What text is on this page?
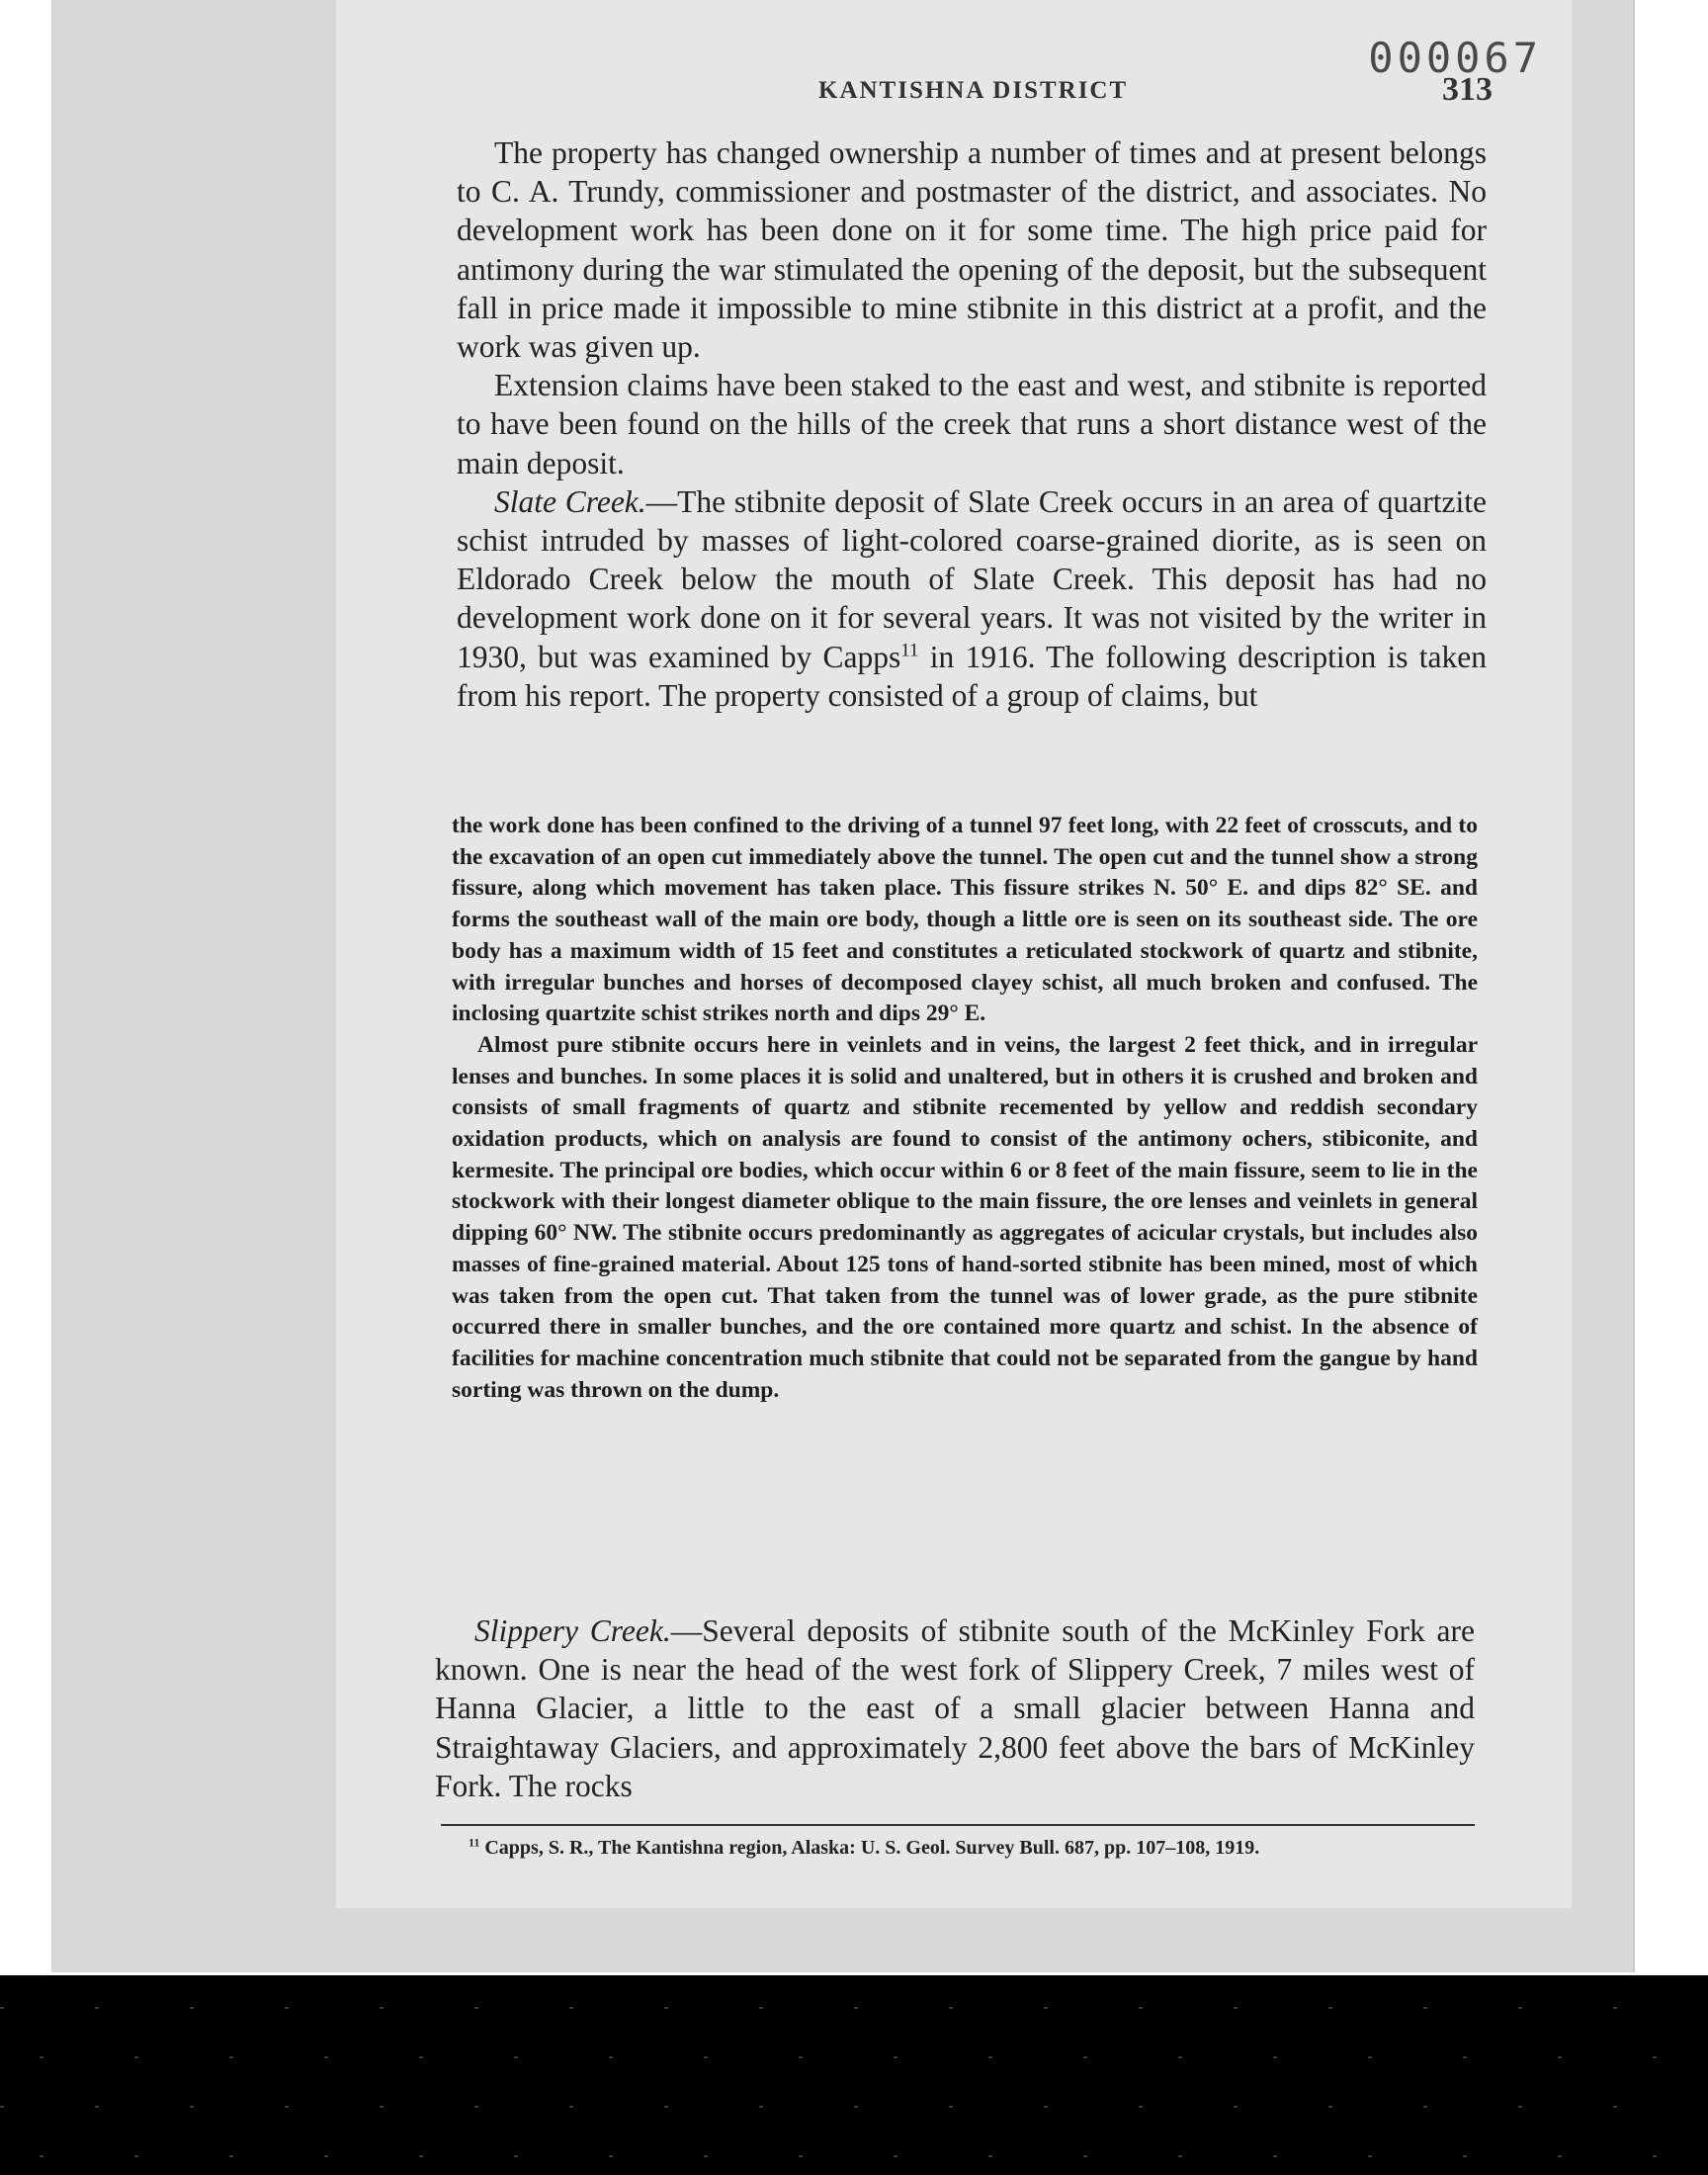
000067
KANTISHNA DISTRICT	313

The property has changed ownership a number of times and at present belongs to C. A. Trundy, commissioner and postmaster of the district, and associates. No development work has been done on it for some time. The high price paid for antimony during the war stimulated the opening of the deposit, but the subsequent fall in price made it impossible to mine stibnite in this district at a profit, and the work was given up.

Extension claims have been staked to the east and west, and stibnite is reported to have been found on the hills of the creek that runs a short distance west of the main deposit.

Slate Creek.—The stibnite deposit of Slate Creek occurs in an area of quartzite schist intruded by masses of light-colored coarse-grained diorite, as is seen on Eldorado Creek below the mouth of Slate Creek. This deposit has had no development work done on it for several years. It was not visited by the writer in 1930, but was examined by Capps$^{11}$ in 1916. The following description is taken from his report. The property consisted of a group of claims, but

the work done has been confined to the driving of a tunnel 97 feet long, with 22 feet of crosscuts, and to the excavation of an open cut immediately above the tunnel. The open cut and the tunnel show a strong fissure, along which movement has taken place. This fissure strikes N. 50° E. and dips 82° SE. and forms the southeast wall of the main ore body, though a little ore is seen on its southeast side. The ore body has a maximum width of 15 feet and constitutes a reticulated stockwork of quartz and stibnite, with irregular bunches and horses of decomposed clayey schist, all much broken and confused. The inclosing quartzite schist strikes north and dips 29° E.

Almost pure stibnite occurs here in veinlets and in veins, the largest 2 feet thick, and in irregular lenses and bunches. In some places it is solid and unaltered, but in others it is crushed and broken and consists of small fragments of quartz and stibnite recemented by yellow and reddish secondary oxidation products, which on analysis are found to consist of the antimony ochers, stibiconite, and kermesite. The principal ore bodies, which occur within 6 or 8 feet of the main fissure, seem to lie in the stockwork with their longest diameter oblique to the main fissure, the ore lenses and veinlets in general dipping 60° NW. The stibnite occurs predominantly as aggregates of acicular crystals, but includes also masses of fine-grained material. About 125 tons of hand-sorted stibnite has been mined, most of which was taken from the open cut. That taken from the tunnel was of lower grade, as the pure stibnite occurred there in smaller bunches, and the ore contained more quartz and schist. In the absence of facilities for machine concentration much stibnite that could not be separated from the gangue by hand sorting was thrown on the dump.

Slippery Creek.—Several deposits of stibnite south of the McKinley Fork are known. One is near the head of the west fork of Slippery Creek, 7 miles west of Hanna Glacier, a little to the east of a small glacier between Hanna and Straightaway Glaciers, and approximately 2,800 feet above the bars of McKinley Fork. The rocks

$^{11}$ Capps, S. R., The Kantishna region, Alaska: U. S. Geol. Survey Bull. 687, pp. 107–108, 1919.
